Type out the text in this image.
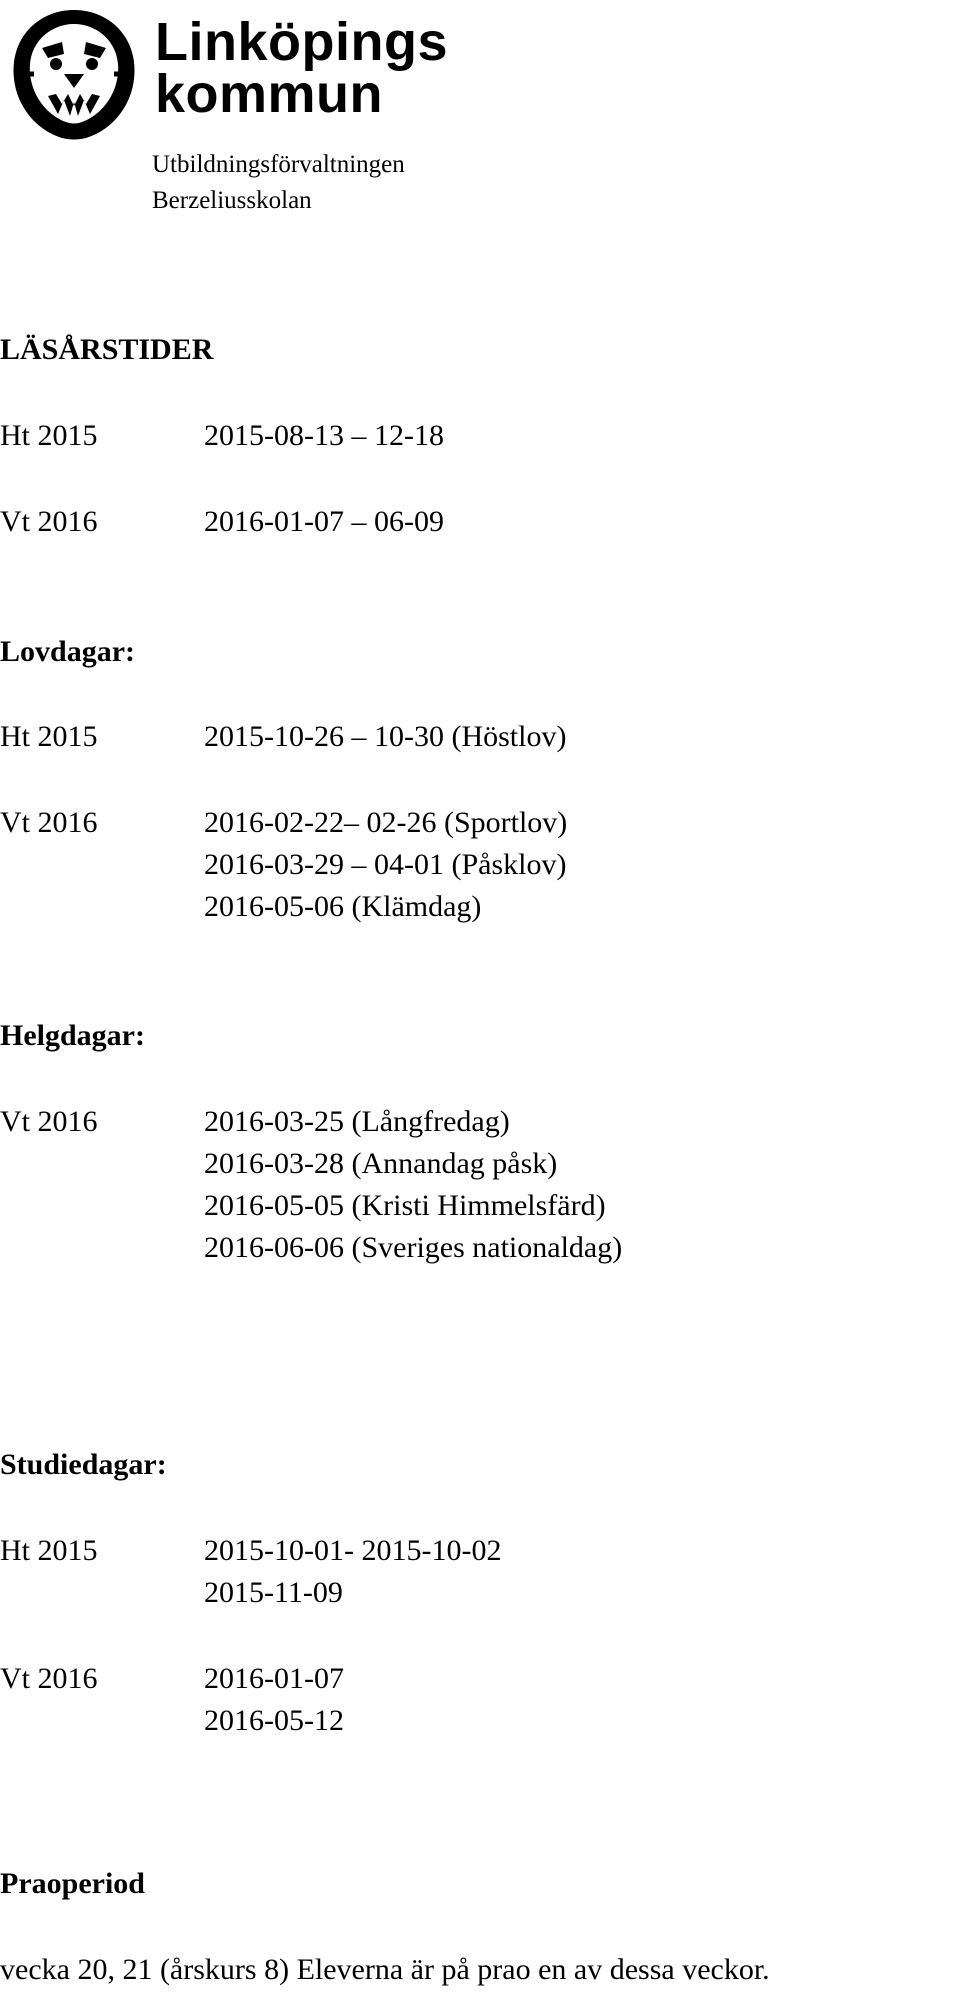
Linköpings
kommun
Utbildningsförvaltningen
Berzeliusskolan
LÄSÅRSTIDER
Ht 2015	2015-08-13 – 12-18
Vt 2016	2016-01-07 – 06-09
Lovdagar:
Ht 2015	2015-10-26 – 10-30 (Höstlov)
Vt 2016	2016-02-22– 02-26 (Sportlov)
2016-03-29 – 04-01 (Påsklov)
2016-05-06 (Klämdag)
Helgdagar:
Vt 2016	2016-03-25 (Långfredag)
2016-03-28 (Annandag påsk)
2016-05-05 (Kristi Himmelsfärd)
2016-06-06 (Sveriges nationaldag)
Studiedagar:
Ht 2015	2015-10-01- 2015-10-02
2015-11-09
Vt 2016	2016-01-07
2016-05-12
Praoperiod
vecka 20, 21 (årskurs 8) Eleverna är på prao en av dessa veckor.
